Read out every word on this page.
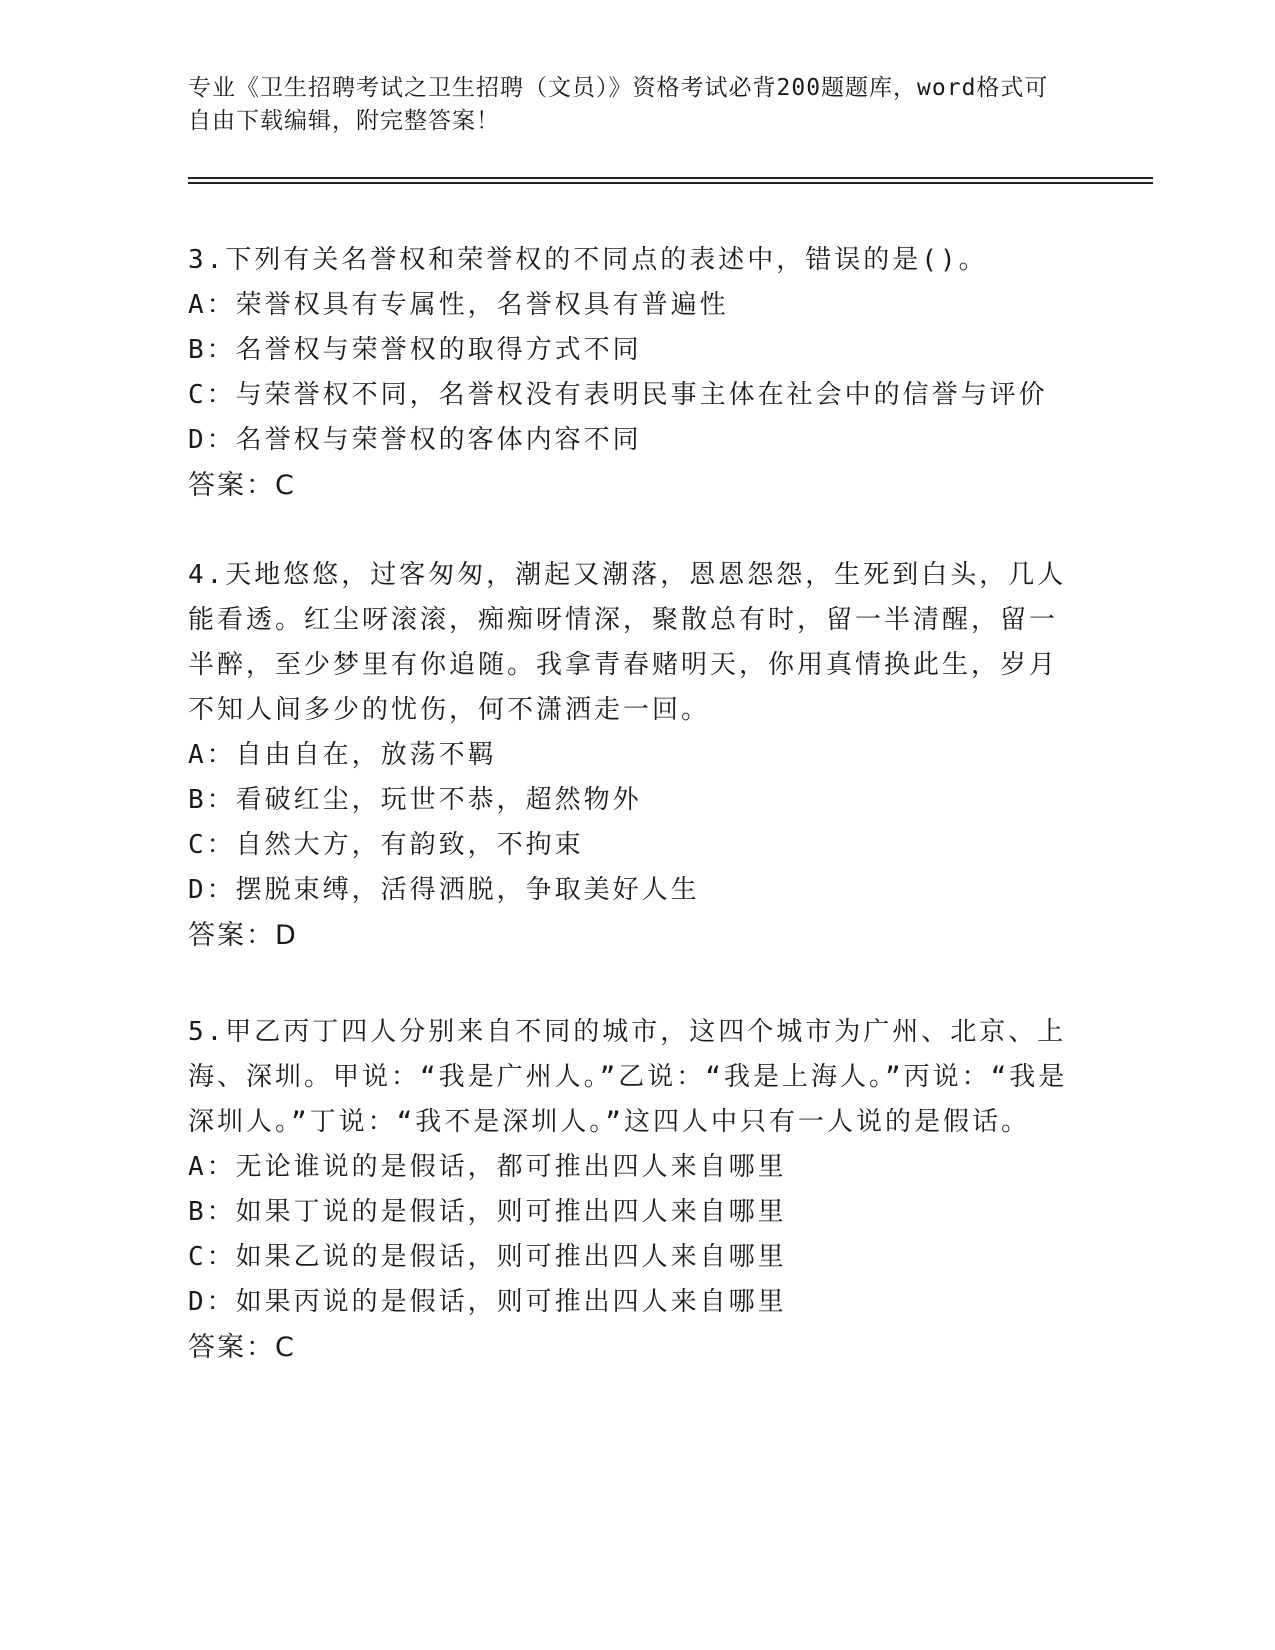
专业《卫生招聘考试之卫生招聘（文员）》资格考试必背200题题库，word格式可自由下载编辑，附完整答案！

3.下列有关名誉权和荣誉权的不同点的表述中，错误的是()。

A：荣誉权具有专属性，名誉权具有普遍性

B：名誉权与荣誉权的取得方式不同

C：与荣誉权不同，名誉权没有表明民事主体在社会中的信誉与评价

D：名誉权与荣誉权的客体内容不同

答案：C

4.天地悠悠，过客匆匆，潮起又潮落，恩恩怨怨，生死到白头，几人能看透。红尘呀滚滚，痴痴呀情深，聚散总有时，留一半清醒，留一半醉，至少梦里有你追随。我拿青春赌明天，你用真情换此生，岁月不知人间多少的忧伤，何不潇洒走一回。

A：自由自在，放荡不羁

B：看破红尘，玩世不恭，超然物外

C：自然大方，有韵致，不拘束

D：摆脱束缚，活得洒脱，争取美好人生

答案：D

5.甲乙丙丁四人分别来自不同的城市，这四个城市为广州、北京、上海、深圳。甲说：“我是广州人。”乙说：“我是上海人。”丙说：“我是深圳人。”丁说：“我不是深圳人。”这四人中只有一人说的是假话。

A：无论谁说的是假话，都可推出四人来自哪里

B：如果丁说的是假话，则可推出四人来自哪里

C：如果乙说的是假话，则可推出四人来自哪里

D：如果丙说的是假话，则可推出四人来自哪里

答案：C
